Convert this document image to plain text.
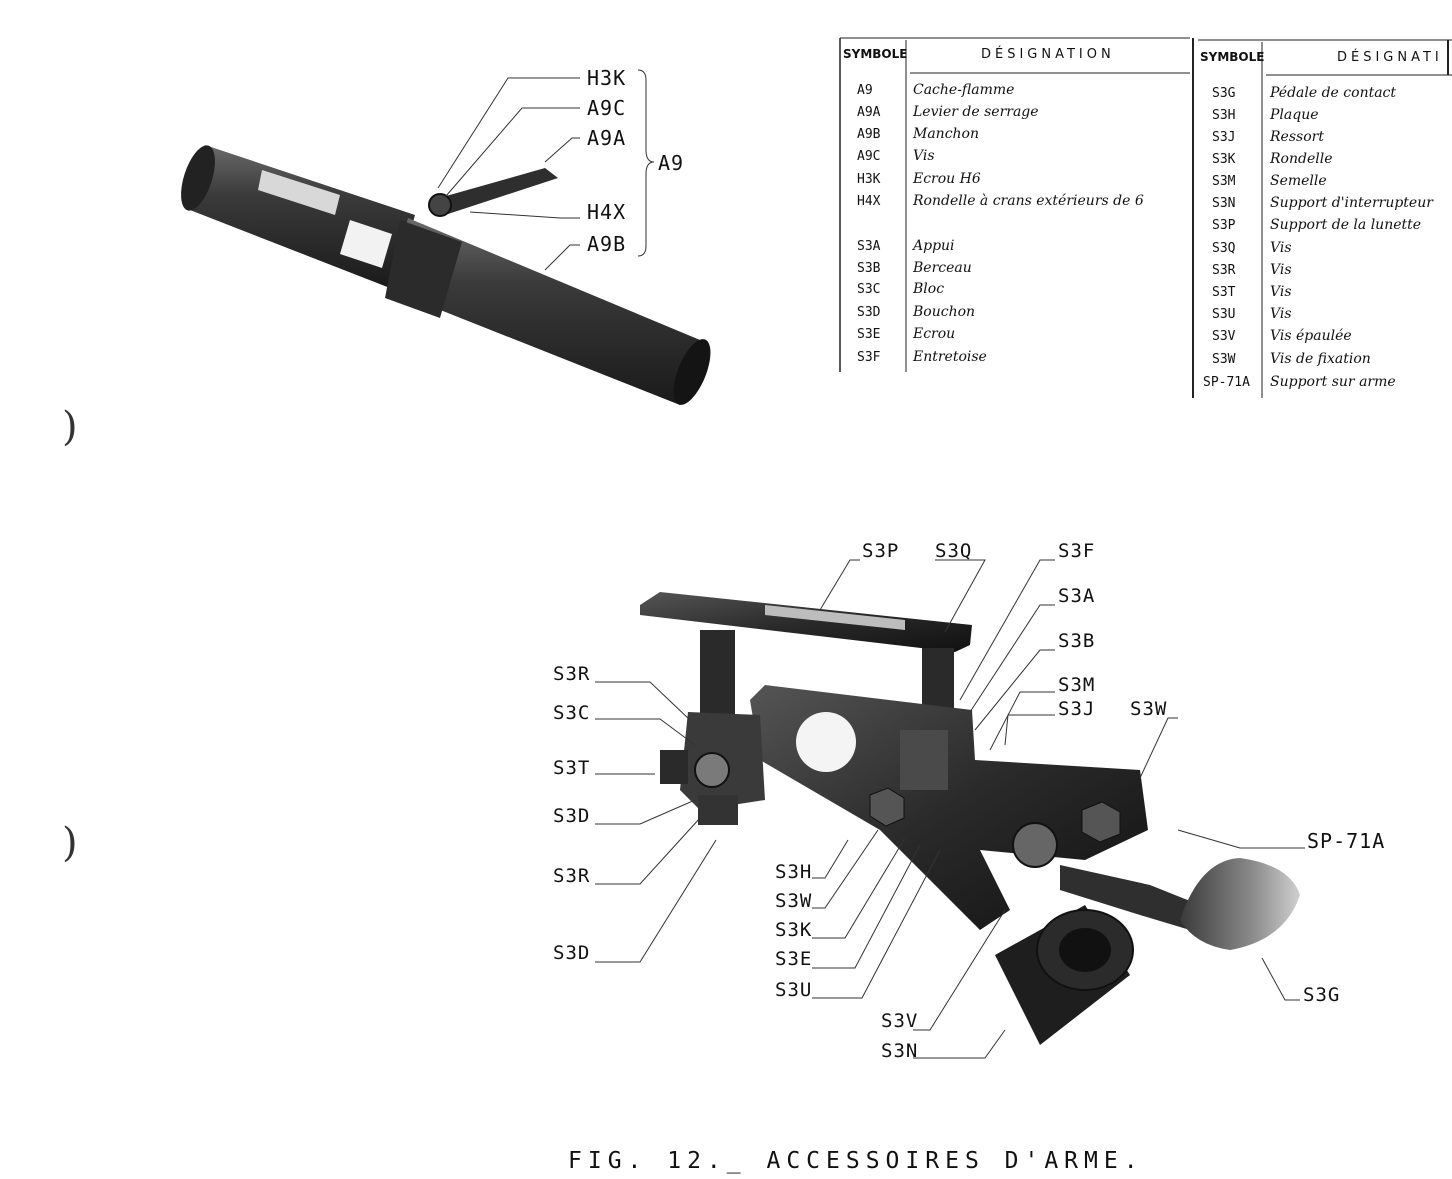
)
)
H3K
A9C
A9A
H4X
A9B
A9
S3P S3Q	S3F
S3A
S3B
S3M
S3J S3W
S3R
S3C
S3T
S3D
S3R
S3D
S3H
S3W
S3K
S3E
S3U
S3V
S3N
SP-71A
S3G
SYMBOLE	DÉSIGNATION	SYMBOLE	DÉSIGNATI
A9	Cache-flamme
A9A Levier de serrage
A9B Manchon
A9C Vis
H3K Ecrou H6
H4X Rondelle à crans extérieurs de 6
S3A Appui
S3B Berceau
S3C Bloc
S3D Bouchon
S3E Ecrou
S3F Entretoise
S3G Pédale de contact
S3H Plaque
S3J Ressort
S3K Rondelle
S3M Semelle
S3N Support d'interrupteur
S3P Support de la lunette
S3Q Vis
S3R Vis
S3T Vis
S3U Vis
S3V Vis épaulée
S3W Vis de fixation
SP-71A Support sur arme
FIG. 12._ ACCESSOIRES D'ARME.
